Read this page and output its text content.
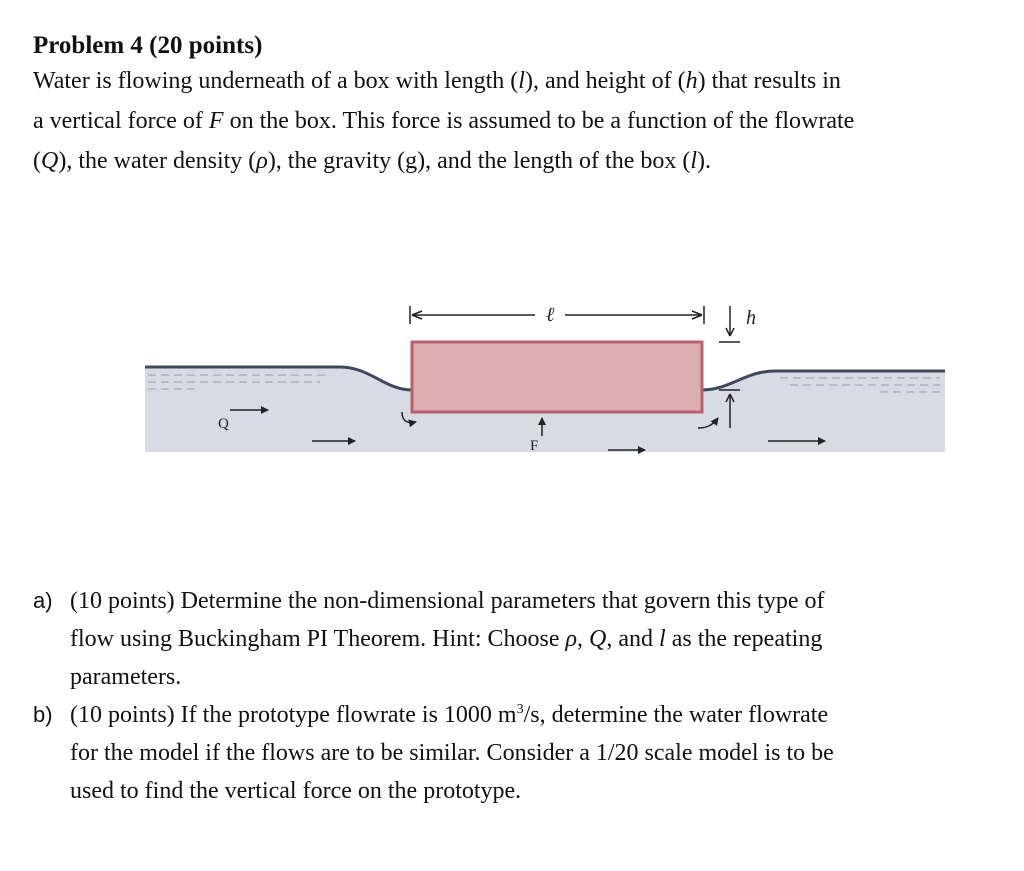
Problem 4 (20 points)
Water is flowing underneath of a box with length (l), and height of (h) that results in
a vertical force of F on the box. This force is assumed to be a function of the flowrate
(Q), the water density (ρ), the gravity (g), and the length of the box (l).
ℓ	h
Q
F
a) (10 points) Determine the non-dimensional parameters that govern this type of
flow using Buckingham PI Theorem. Hint: Choose ρ, Q, and l as the repeating
parameters.
b) (10 points) If the prototype flowrate is 1000 $m^3/s$, determine the water flowrate
for the model if the flows are to be similar. Consider a 1/20 scale model is to be
used to find the vertical force on the prototype.
